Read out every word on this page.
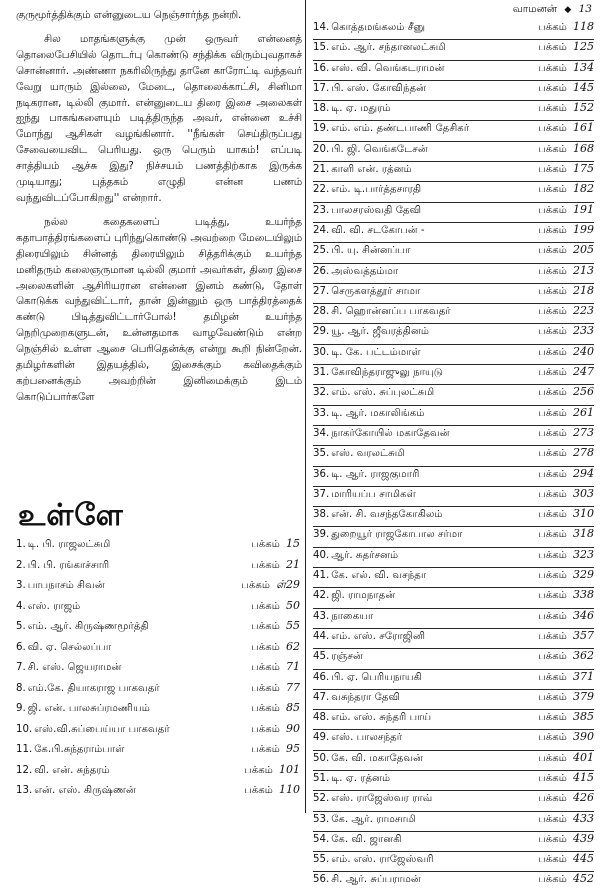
வாமனன் ◆ 13

குருமூர்த்திக்கும் என்னுடைய நெஞ்சார்ந்த நன்றி.

சில மாதங்களுக்கு முன் ஒருவர் என்னைத் தொலைபேசியில் தொடர்பு கொண்டு சந்திக்க விரும்புவதாகச் சொன்னார். அண்ணா நகரிலிருந்து தானே காரோட்டி வந்தவர் வேறு யாரும் இல்லை, மேடை, தொலைக்காட்சி, சினிமா நடிகரான, டில்லி குமார். என்னுடைய திரை இசை அலைகள் ஐந்து பாகங்களையும் படித்திருந்த அவர், என்னை உச்சி மோந்து ஆசிகள் வழங்கினார். ''நீங்கள் செய்திருப்பது சேவையைவிட பெரியது. ஒரு பெரும் யாகம்! எப்படி சாத்தியம் ஆச்சு இது? நிச்சயம் பணத்திற்காக இருக்க முடியாது; புத்தகம் எழுதி என்ன பணம் வந்துவிடப்போகிறது'' என்றார்.

நல்ல கதைகளைப் படித்து, உயர்ந்த கதாபாத்திரங்களைப் புரிந்துகொண்டு அவற்றை மேடையிலும் திரையிலும் சின்னத் திரையிலும் சித்தரிக்கும் உயர்ந்த மனிதரும் கலைஞருமான டில்லி குமார் அவர்கள், திரை இசை அலைகளின் ஆசிரியரான என்னை இனம் கண்டு, தோள் கொடுக்க வந்துவிட்டார், தான் இன்னும் ஒரு பாத்திரத்தைக் கண்டு பிடித்துவிட்டார்போல்! தமிழன் உயர்ந்த நெறிமுறைகளுடன், உன்னதமாக வாழவேண்டும் என்ற நெஞ்சில் உள்ள ஆசை பெரிதென்க்கு என்று கூறி நின்றேன். தமிழர்களின் இதயத்தில், இசைக்கும் கவிதைக்கும் கற்பனைக்கும் அவற்றின் இனிமைக்கும் இடம் கொடுப்பார்களே

உள்ளே
1. டி. பி. ராஜலட்சுமி	பக்கம் 15
2. பி. பி. ரங்காச்சாரி	பக்கம் 21
3. பாபநாசம் சிவன்	பக்கம் ள்29
4. எஸ். ராஜம்	பக்கம் 50
5. எம். ஆர். கிருஷ்ணமூர்த்தி	பக்கம் 55
6. வி. ஏ. செல்லப்பா	பக்கம் 62
7. சி. எஸ். ஜெயராமன்	பக்கம் 71
8. எம்.கே. தியாகராஜ பாகவதர்	பக்கம் 77
9. ஜி. என். பாலசுப்ரமணியம்	பக்கம் 85
10. எஸ்.வி.சுப்பைய்யா பாகவதர்	பக்கம் 90
11. கே.பி.சுந்தராம்பாள்	பக்கம் 95
12. வி. என். சுந்தரம்	பக்கம் 101
13. என். எஸ். கிருஷ்ணன்	பக்கம் 110
14. கொத்தமங்கலம் சீனு	பக்கம் 118
15. எம். ஆர். சந்தானலட்சுமி	பக்கம் 125
16. எஸ். வி. வெங்கடராமன்	பக்கம் 134
17. பி. எஸ். கோவிந்தன்	பக்கம் 145
18. டி. ஏ. மதுரம்	பக்கம் 152
19. எம். எம். தண்டபாணி தேசிகர்	பக்கம் 161
20. பி. ஜி. வெங்கடேசன்	பக்கம் 168
21. காளி என். ரத்னம்	பக்கம் 175
22. எம். டி.பார்த்தசாரதி	பக்கம் 182
23. பாலசரஸ்வதி தேவி	பக்கம் 191
24. வி. வி. சடகோபன் -	பக்கம் 199
25. பி. யு. சின்னப்பா	பக்கம் 205
26. அஸ்வத்தம்மா	பக்கம் 213
27. செருகளத்தூர் சாமா	பக்கம் 218
28. சி. ஹொன்னப்ப பாகவதர்	பக்கம் 223
29. யூ. ஆர். ஜீவரத்தினம்	பக்கம் 233
30. டி. கே. பட்டம்மாள்	பக்கம் 240
31. கோவிந்தராஜுலு நாயுடு	பக்கம் 247
32. எம். எஸ். சுப்புலட்சுமி	பக்கம் 256
33. டி. ஆர். மகாலிங்கம்	பக்கம் 261
34. நாகர்கோயில் மகாதேவன்	பக்கம் 273
35. எஸ். வரலட்சுமி	பக்கம் 278
36. டி. ஆர். ராஜகுமாரி	பக்கம் 294
37. மாரியப்ப சாமிகள்	பக்கம் 303
38. என். சி. வசந்தகோகிலம்	பக்கம் 310
39. துறையூர் ராஜகோபால சர்மா	பக்கம் 318
40. ஆர். சுதர்சனம்	பக்கம் 323
41. கே. எல். வி. வசந்தா	பக்கம் 329
42. ஜி. ராமநாதன்	பக்கம் 338
43. நாகையா	பக்கம் 346
44. எம். எஸ். சரோஜினி	பக்கம் 357
45. ரஞ்சன்	பக்கம் 362
46. பி. ஏ. பெரியநாயகி	பக்கம் 371
47. வசுந்தரா தேவி	பக்கம் 379
48. எம். எஸ். சுந்தரி பாய்	பக்கம் 385
49. எஸ். பாலசந்தர்	பக்கம் 390
50. கே. வி. மகாதேவன்	பக்கம் 401
51. டி. ஏ. ரத்னம்	பக்கம் 415
52. எஸ். ராஜேஸ்வர ராவ்	பக்கம் 426
53. கே. ஆர். ராமசாமி	பக்கம் 433
54. கே. வி. ஜானகி	பக்கம் 439
55. எம். எஸ். ராஜேஸ்வரி	பக்கம் 445
56. சி. ஆர். சுப்பராமன்	பக்கம் 452
